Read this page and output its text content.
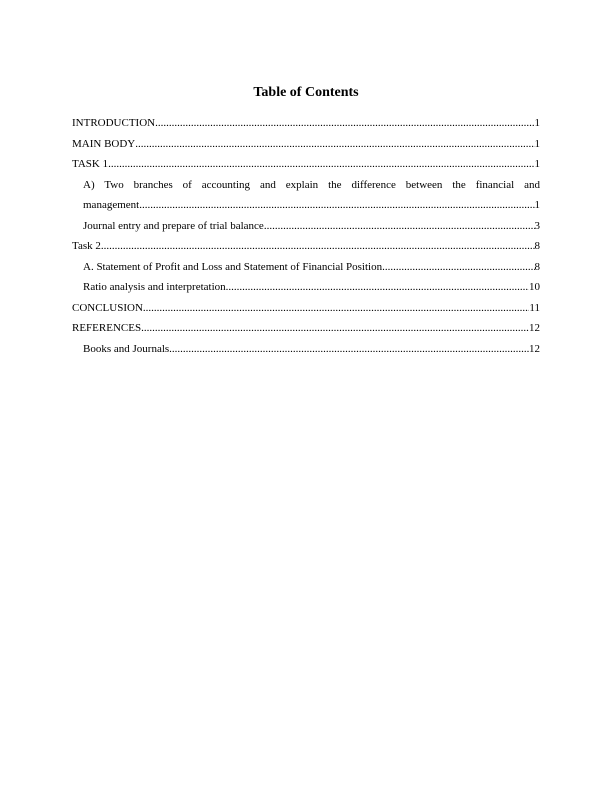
Table of Contents
INTRODUCTION .....	1
MAIN BODY .....	1
TASK 1 .....	1
A) Two branches of accounting and explain the difference between the financial and
management .....	1
Journal entry and prepare of trial balance .....	3
Task 2 .....	8
A. Statement of Profit and Loss and Statement of Financial Position .....	8
Ratio analysis and interpretation .....	10
CONCLUSION .....	11
REFERENCES .....	12
Books and Journals .....	12
